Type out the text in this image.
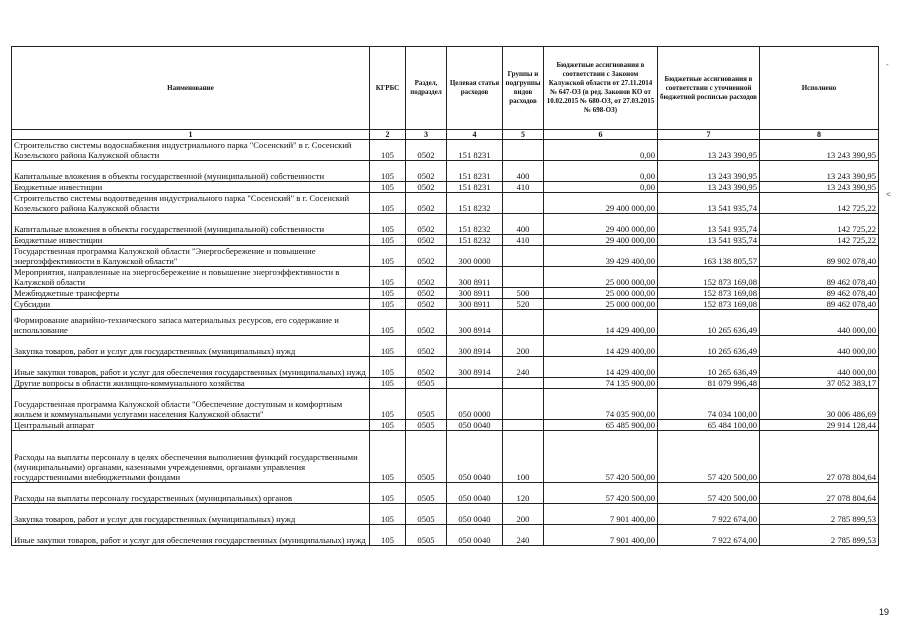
Наименование	КГРБС	Раздел, подраздел	Целевая статья расходов	Группы и подгруппы видов расходов	Бюджетные ассигнования в соответствии с Законом Калужской области от 27.11.2014 № 647-ОЗ (в ред. Законов КО от 10.02.2015 № 680-ОЗ, от 27.03.2015 № 698-ОЗ)	Бюджетные ассигнования в соответствии с уточненной бюджетной росписью расходов	Исполнено
1	2	3	4	5	6	7	8
Строительство системы водоснабжения индустриального парка "Сосенский" в г. Сосенский Козельского района Калужской области	105	0502	151 8231		0,00	13 243 390,95	13 243 390,95
Капитальные вложения в объекты государственной (муниципальной) собственности	105	0502	151 8231	400	0,00	13 243 390,95	13 243 390,95
Бюджетные инвестиции	105	0502	151 8231	410	0,00	13 243 390,95	13 243 390,95
Строительство системы водоотведения индустриального парка "Сосенский" в г. Сосенский Козельского района Калужской области	105	0502	151 8232		29 400 000,00	13 541 935,74	142 725,22
Капитальные вложения в объекты государственной (муниципальной) собственности	105	0502	151 8232	400	29 400 000,00	13 541 935,74	142 725,22
Бюджетные инвестиции	105	0502	151 8232	410	29 400 000,00	13 541 935,74	142 725,22
Государственная программа Калужской области "Энергосбережение и повышение энергоэффективности в Калужской области"	105	0502	300 0000		39 429 400,00	163 138 805,57	89 902 078,40
Мероприятия, направленные на энергосбережение и повышение энергоэффективности в Калужской области	105	0502	300 8911		25 000 000,00	152 873 169,08	89 462 078,40
Межбюджетные трансферты	105	0502	300 8911	500	25 000 000,00	152 873 169,08	89 462 078,40
Субсидии	105	0502	300 8911	520	25 000 000,00	152 873 169,08	89 462 078,40
Формирование аварийно-технического запаса материальных ресурсов, его содержание и использование	105	0502	300 8914		14 429 400,00	10 265 636,49	440 000,00
Закупка товаров, работ и услуг для государственных (муниципальных) нужд	105	0502	300 8914	200	14 429 400,00	10 265 636,49	440 000,00
Иные закупки товаров, работ и услуг для обеспечения государственных (муниципальных) нужд	105	0502	300 8914	240	14 429 400,00	10 265 636,49	440 000,00
Другие вопросы в области жилищно-коммунального хозяйства	105	0505			74 135 900,00	81 079 996,48	37 052 383,17
Государственная программа Калужской области "Обеспечение доступным и комфортным жильем и коммунальными услугами населения Калужской области"	105	0505	050 0000		74 035 900,00	74 034 100,00	30 006 486,69
Центральный аппарат	105	0505	050 0040		65 485 900,00	65 484 100,00	29 914 128,44
Расходы на выплаты персоналу в целях обеспечения выполнения функций государственными (муниципальными) органами, казенными учреждениями, органами управления государственными внебюджетными фондами	105	0505	050 0040	100	57 420 500,00	57 420 500,00	27 078 804,64
Расходы на выплаты персоналу государственных (муниципальных) органов	105	0505	050 0040	120	57 420 500,00	57 420 500,00	27 078 804,64
Закупка товаров, работ и услуг для государственных (муниципальных) нужд	105	0505	050 0040	200	7 901 400,00	7 922 674,00	2 785 899,53
Иные закупки товаров, работ и услуг для обеспечения государственных (муниципальных) нужд	105	0505	050 0040	240	7 901 400,00	7 922 674,00	2 785 899,53
-
<
19
